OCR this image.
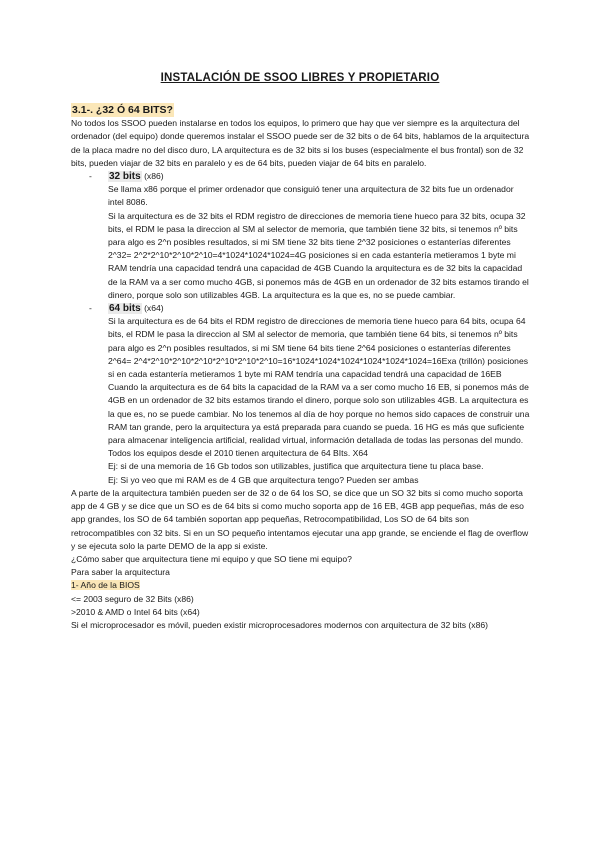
INSTALACIÓN DE SSOO LIBRES Y PROPIETARIO

3.1-. ¿32 Ó 64 BITS?

No todos los SSOO pueden instalarse en todos los equipos, lo primero que hay que ver siempre es la arquitectura del ordenador (del equipo) donde queremos instalar el SSOO puede ser de 32 bits o de 64 bits, hablamos de la arquitectura de la placa madre no del disco duro, LA arquitectura es de 32 bits si los buses (especialmente el bus frontal) son de 32 bits, pueden viajar de 32 bits en paralelo y es de 64 bits, pueden viajar de 64 bits en paralelo.

- 32 bits (x86)

Se llama x86 porque el primer ordenador que consiguió tener una arquitectura de 32 bits fue un ordenador intel 8086.

Si la arquitectura es de 32 bits el RDM registro de direcciones de memoria tiene hueco para 32 bits, ocupa 32 bits, el RDM le pasa la direccion al SM al selector de memoria, que también tiene 32 bits, si tenemos nº bits para algo es 2^n posibles resultados, si mi SM tiene 32 bits tiene 2^32 posiciones o estanterías diferentes 2^32= 2^2*2^10*2^10*2^10=4*1024*1024*1024=4G posiciones si en cada estantería metieramos 1 byte mi RAM tendría una capacidad tendrá una capacidad de 4GB Cuando la arquitectura es de 32 bits la capacidad de la RAM va a ser como mucho 4GB, si ponemos más de 4GB en un ordenador de 32 bits estamos tirando el dinero, porque solo son utilizables 4GB. La arquitectura es la que es, no se puede cambiar.

- 64 bits (x64)

Si la arquitectura es de 64 bits el RDM registro de direcciones de memoria tiene hueco para 64 bits, ocupa 64 bits, el RDM le pasa la direccion al SM al selector de memoria, que también tiene 64 bits, si tenemos nº bits para algo es 2^n posibles resultados, si mi SM tiene 64 bits tiene 2^64 posiciones o estanterías diferentes 2^64= 2^4*2^10*2^10*2^10*2^10*2^10*2^10=16*1024*1024*1024*1024*1024*1024=16Exa (trillón) posiciones si en cada estantería metieramos 1 byte mi RAM tendría una capacidad tendrá una capacidad de 16EB Cuando la arquitectura es de 64 bits la capacidad de la RAM va a ser como mucho 16 EB, si ponemos más de 4GB en un ordenador de 32 bits estamos tirando el dinero, porque solo son utilizables 4GB. La arquitectura es la que es, no se puede cambiar. No los tenemos al día de hoy porque no hemos sido capaces de construir una RAM tan grande, pero la arquitectura ya está preparada para cuando se pueda. 16 HG es más que suficiente para almacenar inteligencia artificial, realidad virtual, información detallada de todas las personas del mundo. Todos los equipos desde el 2010 tienen arquitectura de 64 BIts. X64

Ej: si de una memoria de 16 Gb todos son utilizables, justifica que arquitectura tiene tu placa base.

Ej: Si yo veo que mi RAM es de 4 GB que arquitectura tengo? Pueden ser ambas

A parte de la arquitectura también pueden ser de 32 o de 64 los SO, se dice que un SO 32 bits si como mucho soporta app de 4 GB y se dice que un SO es de 64 bits si como mucho soporta app de 16 EB, 4GB app pequeñas, más de eso app grandes, los SO de 64 también soportan app pequeñas, Retrocompatibilidad, Los SO de 64 bits son retrocompatibles con 32 bits. Si en un SO pequeño intentamos ejecutar una app grande, se enciende el flag de overflow y se ejecuta solo la parte DEMO de la app si existe.

¿Cómo saber que arquitectura tiene mi equipo y que SO tiene mi equipo?

Para saber la arquitectura

1- Año de la BIOS

<= 2003 seguro de 32 Bits (x86)

>2010 & AMD o Intel 64 bits (x64)

Si el microprocesador es móvil, pueden existir microprocesadores modernos con arquitectura de 32 bits (x86)
